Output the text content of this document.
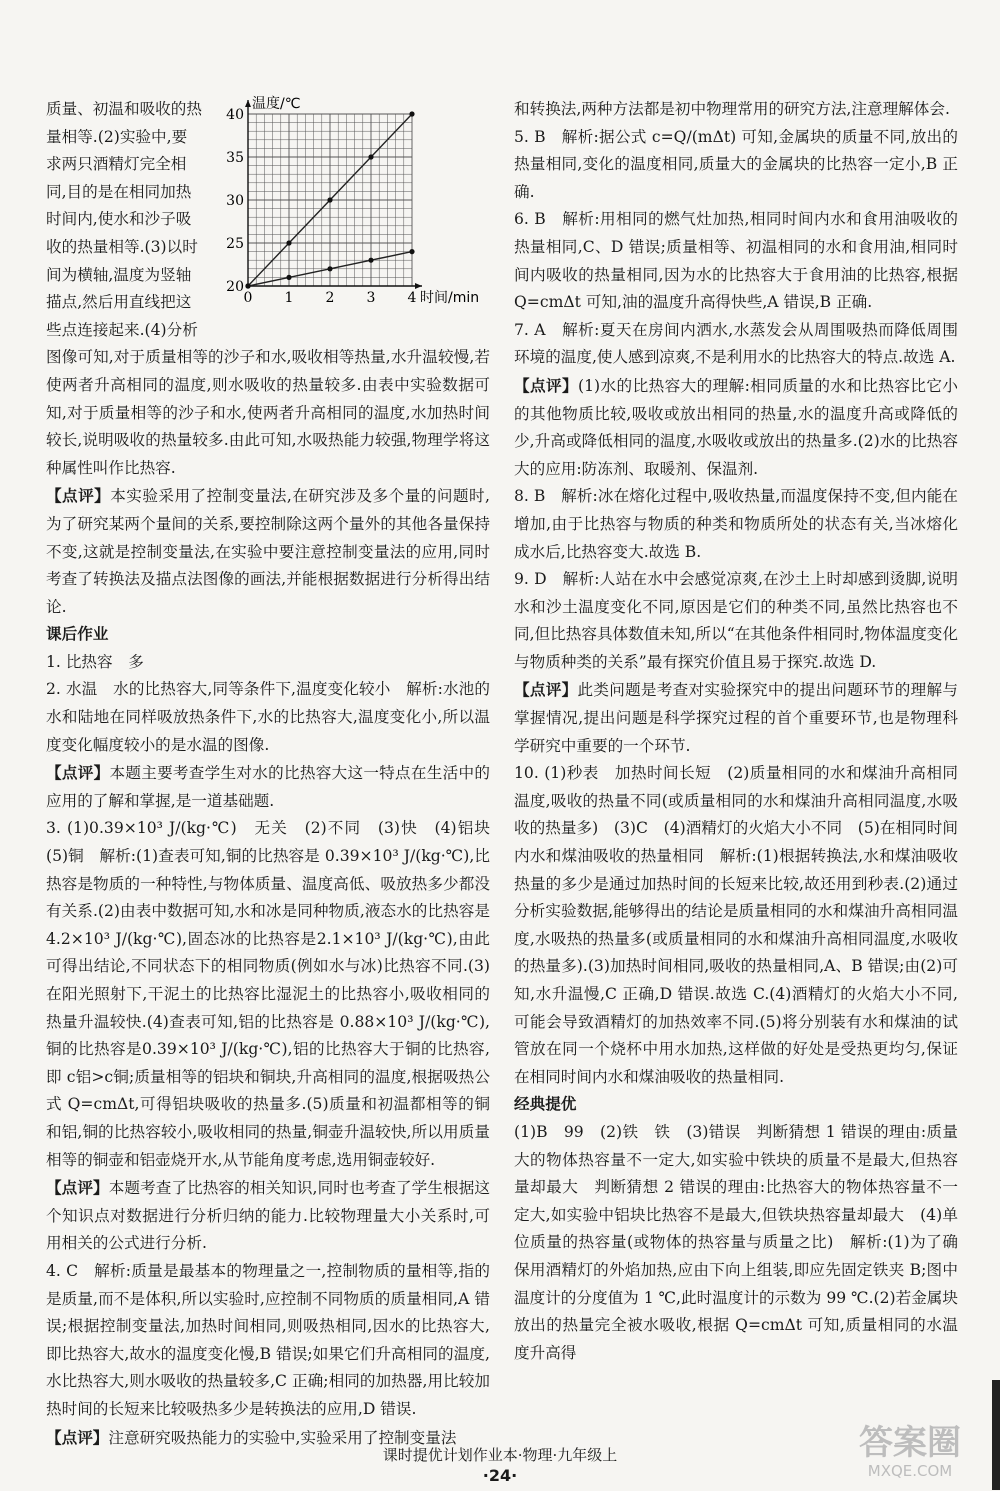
质量、初温和吸收的热

量相等.(2)实验中,要

求两只酒精灯完全相

同,目的是在相同加热

时间内,使水和沙子吸

收的热量相等.(3)以时

间为横轴,温度为竖轴

描点,然后用直线把这

些点连接起来.(4)分析

图像可知,对于质量相等的沙子和水,吸收相等热量,水升温较慢,若使两者升高相同的温度,则水吸收的热量较多.由表中实验数据可知,对于质量相等的沙子和水,使两者升高相同的温度,水加热时间较长,说明吸收的热量较多.由此可知,水吸热能力较强,物理学将这种属性叫作比热容.

【点评】本实验采用了控制变量法,在研究涉及多个量的问题时,为了研究某两个量间的关系,要控制除这两个量外的其他各量保持不变,这就是控制变量法,在实验中要注意控制变量法的应用,同时考查了转换法及描点法图像的画法,并能根据数据进行分析得出结论.

课后作业

1. 比热容　多

2. 水温　水的比热容大,同等条件下,温度变化较小　解析:水池的水和陆地在同样吸放热条件下,水的比热容大,温度变化小,所以温度变化幅度较小的是水温的图像.

【点评】本题主要考查学生对水的比热容大这一特点在生活中的应用的了解和掌握,是一道基础题.

3. (1)0.39×10³ J/(kg·℃)　无关　(2)不同　(3)快　(4)铝块　(5)铜　解析:(1)查表可知,铜的比热容是 0.39×10³ J/(kg·℃),比热容是物质的一种特性,与物体质量、温度高低、吸放热多少都没有关系.(2)由表中数据可知,水和冰是同种物质,液态水的比热容是 4.2×10³ J/(kg·℃),固态冰的比热容是2.1×10³ J/(kg·℃),由此可得出结论,不同状态下的相同物质(例如水与冰)比热容不同.(3)在阳光照射下,干泥土的比热容比湿泥土的比热容小,吸收相同的热量升温较快.(4)查表可知,铝的比热容是 0.88×10³ J/(kg·℃),铜的比热容是0.39×10³ J/(kg·℃),铝的比热容大于铜的比热容,即 c铝>c铜;质量相等的铝块和铜块,升高相同的温度,根据吸热公式 Q=cmΔt,可得铝块吸收的热量多.(5)质量和初温都相等的铜和铝,铜的比热容较小,吸收相同的热量,铜壶升温较快,所以用质量相等的铜壶和铝壶烧开水,从节能角度考虑,选用铜壶较好.

【点评】本题考查了比热容的相关知识,同时也考查了学生根据这个知识点对数据进行分析归纳的能力.比较物理量大小关系时,可用相关的公式进行分析.

4. C　解析:质量是最基本的物理量之一,控制物质的量相等,指的是质量,而不是体积,所以实验时,应控制不同物质的质量相同,A 错误;根据控制变量法,加热时间相同,则吸热相同,因水的比热容大,即比热容大,故水的温度变化慢,B 错误;如果它们升高相同的温度,水比热容大,则水吸收的热量较多,C 正确;相同的加热器,用比较加热时间的长短来比较吸热多少是转换法的应用,D 错误.

【点评】注意研究吸热能力的实验中,实验采用了控制变量法

0 1 2 3 4
20
25
30
35
40
温度/℃
时间/min

和转换法,两种方法都是初中物理常用的研究方法,注意理解体会.

5. B　解析:据公式 c=Q/(mΔt) 可知,金属块的质量不同,放出的热量相同,变化的温度相同,质量大的金属块的比热容一定小,B 正确.

6. B　解析:用相同的燃气灶加热,相同时间内水和食用油吸收的热量相同,C、D 错误;质量相等、初温相同的水和食用油,相同时间内吸收的热量相同,因为水的比热容大于食用油的比热容,根据 Q=cmΔt 可知,油的温度升高得快些,A 错误,B 正确.

7. A　解析:夏天在房间内洒水,水蒸发会从周围吸热而降低周围环境的温度,使人感到凉爽,不是利用水的比热容大的特点.故选 A.

【点评】(1)水的比热容大的理解:相同质量的水和比热容比它小的其他物质比较,吸收或放出相同的热量,水的温度升高或降低的少,升高或降低相同的温度,水吸收或放出的热量多.(2)水的比热容大的应用:防冻剂、取暖剂、保温剂.

8. B　解析:冰在熔化过程中,吸收热量,而温度保持不变,但内能在增加,由于比热容与物质的种类和物质所处的状态有关,当冰熔化成水后,比热容变大.故选 B.

9. D　解析:人站在水中会感觉凉爽,在沙土上时却感到烫脚,说明水和沙土温度变化不同,原因是它们的种类不同,虽然比热容也不同,但比热容具体数值未知,所以“在其他条件相同时,物体温度变化与物质种类的关系”最有探究价值且易于探究.故选 D.

【点评】此类问题是考查对实验探究中的提出问题环节的理解与掌握情况,提出问题是科学探究过程的首个重要环节,也是物理科学研究中重要的一个环节.

10. (1)秒表　加热时间长短　(2)质量相同的水和煤油升高相同温度,吸收的热量不同(或质量相同的水和煤油升高相同温度,水吸收的热量多)　(3)C　(4)酒精灯的火焰大小不同　(5)在相同时间内水和煤油吸收的热量相同　解析:(1)根据转换法,水和煤油吸收热量的多少是通过加热时间的长短来比较,故还用到秒表.(2)通过分析实验数据,能够得出的结论是质量相同的水和煤油升高相同温度,水吸热的热量多(或质量相同的水和煤油升高相同温度,水吸收的热量多).(3)加热时间相同,吸收的热量相同,A、B 错误;由(2)可知,水升温慢,C 正确,D 错误.故选 C.(4)酒精灯的火焰大小不同,可能会导致酒精灯的加热效率不同.(5)将分别装有水和煤油的试管放在同一个烧杯中用水加热,这样做的好处是受热更均匀,保证在相同时间内水和煤油吸收的热量相同.

经典提优

(1)B　99　(2)铁　铁　(3)错误　判断猜想 1 错误的理由:质量大的物体热容量不一定大,如实验中铁块的质量不是最大,但热容量却最大　判断猜想 2 错误的理由:比热容大的物体热容量不一定大,如实验中铝块比热容不是最大,但铁块热容量却最大　(4)单位质量的热容量(或物体的热容量与质量之比)　解析:(1)为了确保用酒精灯的外焰加热,应由下向上组装,即应先固定铁夹 B;图中温度计的分度值为 1 ℃,此时温度计的示数为 99 ℃.(2)若金属块放出的热量完全被水吸收,根据 Q=cmΔt 可知,质量相同的水温度升高得

课时提优计划作业本·物理·九年级上
·24·
答案圈
MXQE.COM
